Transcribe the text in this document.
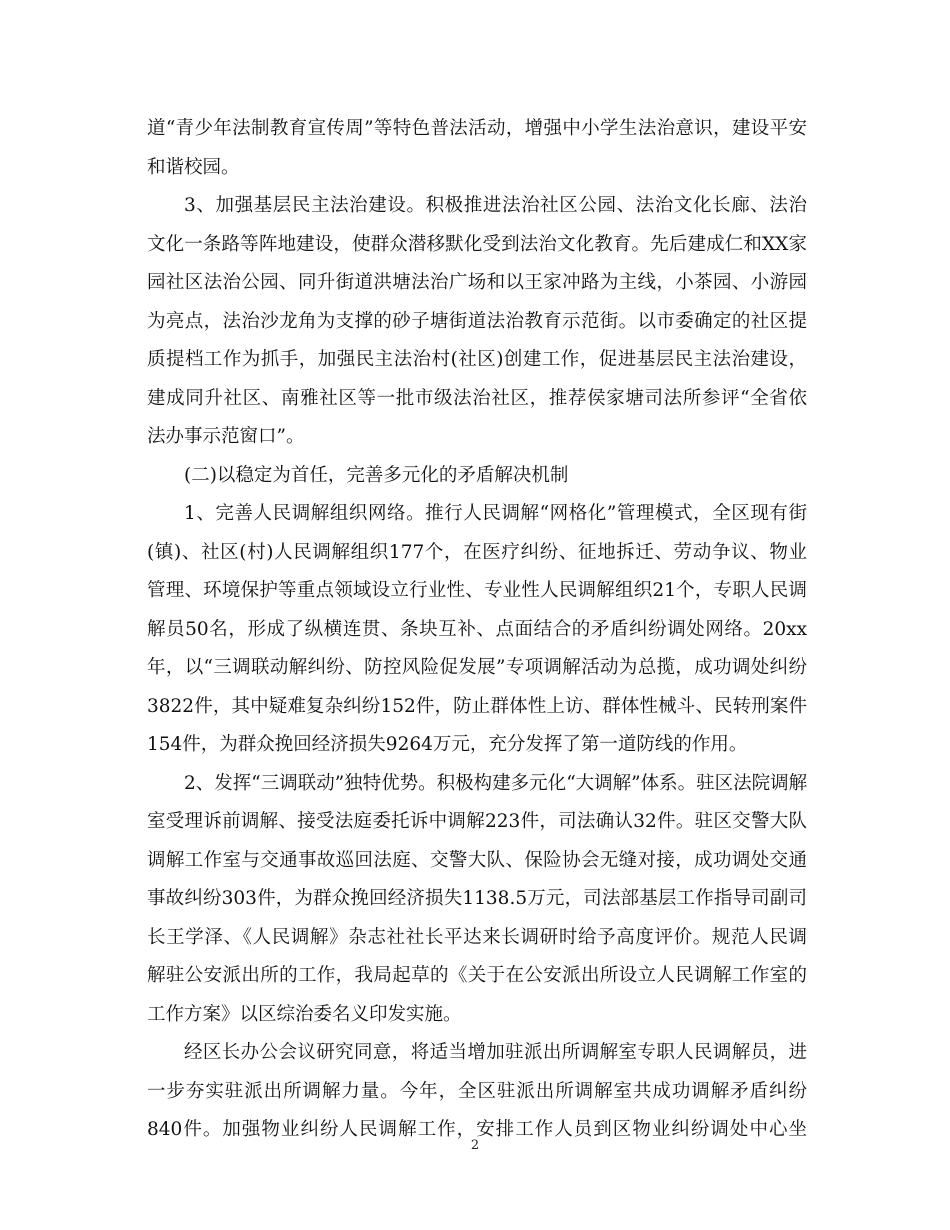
道“青少年法制教育宣传周”等特色普法活动，增强中小学生法治意识，建设平安
和谐校园。
3、加强基层民主法治建设。积极推进法治社区公园、法治文化长廊、法治
文化一条路等阵地建设，使群众潜移默化受到法治文化教育。先后建成仁和XX家
园社区法治公园、同升街道洪塘法治广场和以王家冲路为主线，小茶园、小游园
为亮点，法治沙龙角为支撑的砂子塘街道法治教育示范街。以市委确定的社区提
质提档工作为抓手，加强民主法治村(社区)创建工作，促进基层民主法治建设，
建成同升社区、南雅社区等一批市级法治社区，推荐侯家塘司法所参评“全省依
法办事示范窗口”。
(二)以稳定为首任，完善多元化的矛盾解决机制
1、完善人民调解组织网络。推行人民调解“网格化”管理模式，全区现有街
(镇)、社区(村)人民调解组织177个，在医疗纠纷、征地拆迁、劳动争议、物业
管理、环境保护等重点领域设立行业性、专业性人民调解组织21个，专职人民调
解员50名，形成了纵横连贯、条块互补、点面结合的矛盾纠纷调处网络。20xx
年，以“三调联动解纠纷、防控风险促发展”专项调解活动为总揽，成功调处纠纷
3822件，其中疑难复杂纠纷152件，防止群体性上访、群体性械斗、民转刑案件
154件，为群众挽回经济损失9264万元，充分发挥了第一道防线的作用。
2、发挥“三调联动”独特优势。积极构建多元化“大调解”体系。驻区法院调解
室受理诉前调解、接受法庭委托诉中调解223件，司法确认32件。驻区交警大队
调解工作室与交通事故巡回法庭、交警大队、保险协会无缝对接，成功调处交通
事故纠纷303件，为群众挽回经济损失1138.5万元，司法部基层工作指导司副司
长王学泽、《人民调解》杂志社社长平达来长调研时给予高度评价。规范人民调
解驻公安派出所的工作，我局起草的《关于在公安派出所设立人民调解工作室的
工作方案》以区综治委名义印发实施。
经区长办公会议研究同意，将适当增加驻派出所调解室专职人民调解员，进
一步夯实驻派出所调解力量。今年，全区驻派出所调解室共成功调解矛盾纠纷
840件。加强物业纠纷人民调解工作，安排工作人员到区物业纠纷调处中心坐
2
